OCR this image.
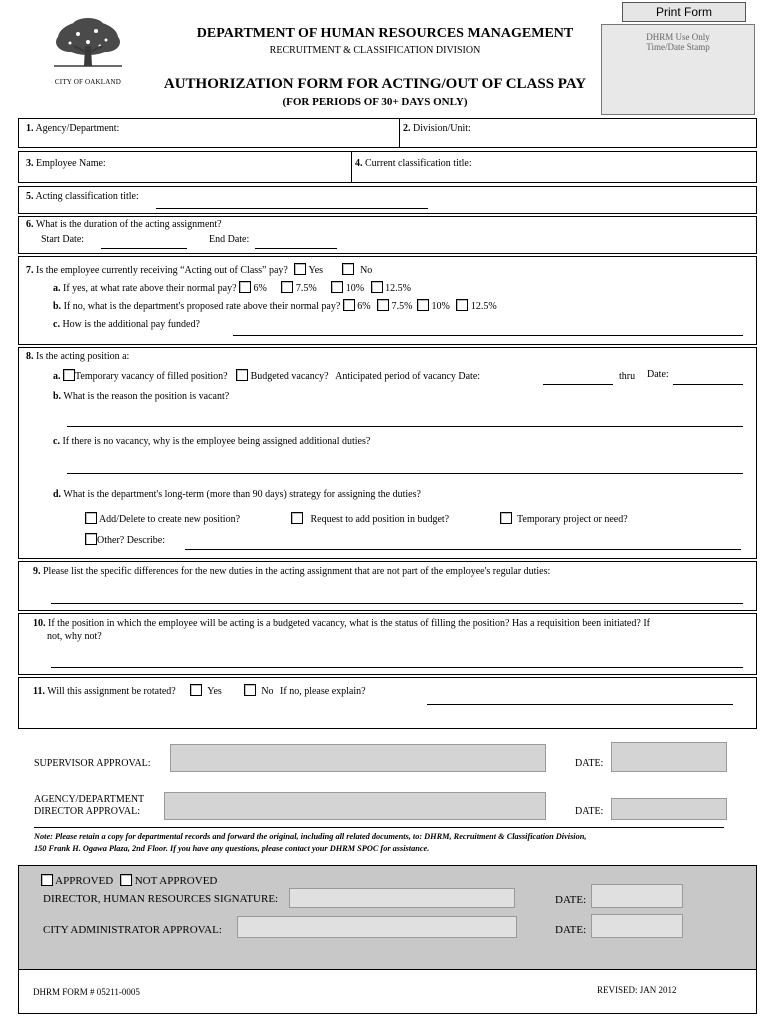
Print Form
DHRM Use Only
Time/Date Stamp
CITY OF OAKLAND
DEPARTMENT OF HUMAN RESOURCES MANAGEMENT
RECRUITMENT & CLASSIFICATION DIVISION
AUTHORIZATION FORM FOR ACTING/OUT OF CLASS PAY
(FOR PERIODS OF 30+ DAYS ONLY)
1. Agency/Department:	2. Division/Unit:
3. Employee Name:	4. Current classification title:
5. Acting classification title:
6. What is the duration of the acting assignment?
Start Date:	End Date:
7. Is the employee currently receiving “Acting out of Class” pay? Yes	No
a. If yes, at what rate above their normal pay? 6%	7.5%	10% 12.5%
b. If no, what is the department's proposed rate above their normal pay? 6% 7.5% 10% 12.5%
c. How is the additional pay funded?
8. Is the acting position a:
a. Temporary vacancy of filled position? Budgeted vacancy? Anticipated period of vacancy Date:	thru Date:
b. What is the reason the position is vacant?
c. If there is no vacancy, why is the employee being assigned additional duties?
d. What is the department's long-term (more than 90 days) strategy for assigning the duties?
Add/Delete to create new position?	Request to add position in budget?	Temporary project or need?
Other? Describe:
9. Please list the specific differences for the new duties in the acting assignment that are not part of the employee's regular duties:
10. If the position in which the employee will be acting is a budgeted vacancy, what is the status of filling the position? Has a requisition been initiated? If
not, why not?
11. Will this assignment be rotated?	Yes	No If no, please explain?
SUPERVISOR APPROVAL:	DATE:
AGENCY/DEPARTMENT
DIRECTOR APPROVAL:	DATE:
Note: Please retain a copy for departmental records and forward the original, including all related documents, to: DHRM, Recruitment & Classification Division,
150 Frank H. Ogawa Plaza, 2nd Floor. If you have any questions, please contact your DHRM SPOC for assistance.
APPROVED NOT APPROVED
DIRECTOR, HUMAN RESOURCES SIGNATURE:	DATE:
CITY ADMINISTRATOR APPROVAL:	DATE:
DHRM FORM # 05211-0005	REVISED: JAN 2012
